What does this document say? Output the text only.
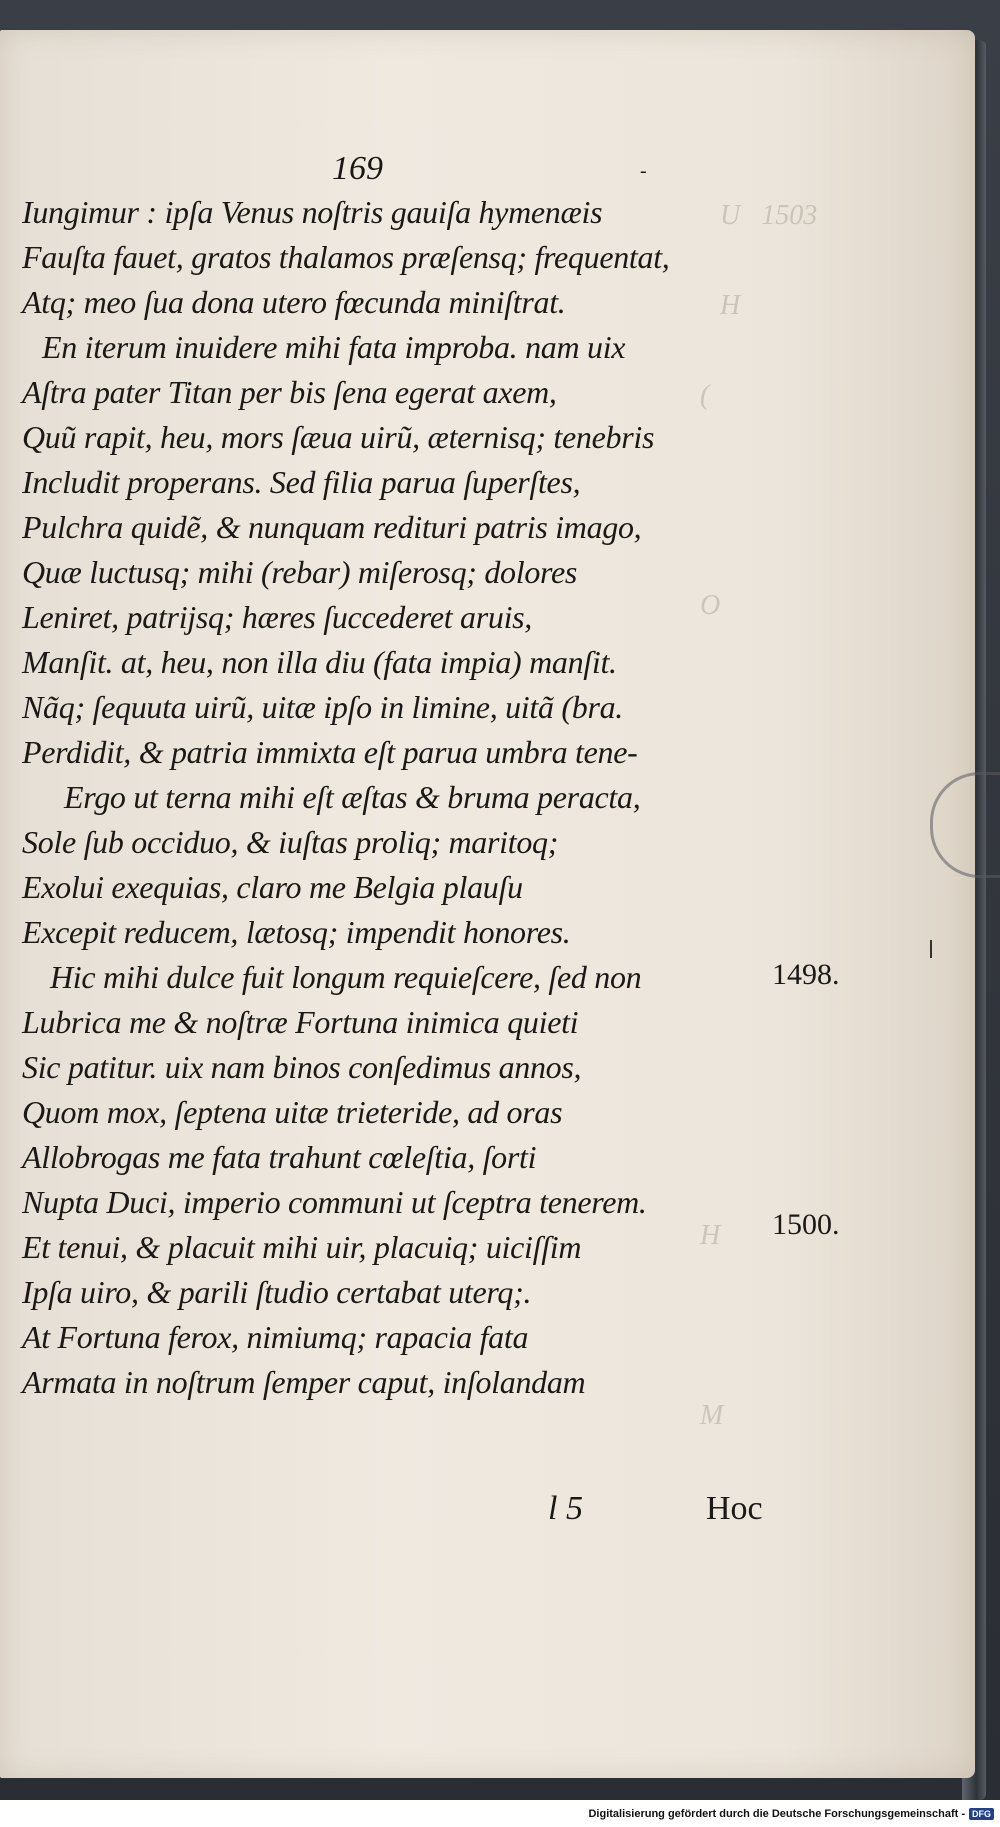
U   1503
H
(
O
H
M
169	-
Iungimur : ipſa Venus noſtris gauiſa hymenæis
Fauſta fauet, gratos thalamos præſensq; frequentat,
Atq; meo ſua dona utero fœcunda miniſtrat.
En iterum inuidere mihi fata improba. nam uix
Aſtra pater Titan per bis ſena egerat axem,
Quũ rapit, heu, mors ſæua uirũ, æternisq; tenebris
Includit properans. Sed filia parua ſuperſtes,
Pulchra quidẽ, & nunquam redituri patris imago,
Quæ luctusq; mihi (rebar) miſerosq; dolores
Leniret, patrijsq; hæres ſuccederet aruis,
Manſit. at, heu, non illa diu (fata impia) manſit.
Nãq; ſequuta uirũ, uitæ ipſo in limine, uitã (bra.
Perdidit, & patria immixta eſt parua umbra tene-
Ergo ut terna mihi eſt æſtas & bruma peracta,
Sole ſub occiduo, & iuſtas proliq; maritoq;
Exolui exequias, claro me Belgia plauſu
Excepit reducem, lætosq; impendit honores.
Hic mihi dulce fuit longum requieſcere, ſed non
Lubrica me & noſtræ Fortuna inimica quieti
Sic patitur. uix nam binos conſedimus annos,
Quom mox, ſeptena uitæ trieteride, ad oras
Allobrogas me fata trahunt cœleſtia, ſorti
Nupta Duci, imperio communi ut ſceptra tenerem.
Et tenui, & placuit mihi uir, placuiq; uiciſſim
Ipſa uiro, & parili ſtudio certabat uterq;.
At Fortuna ferox, nimiumq; rapacia fata
Armata in noſtrum ſemper caput, inſolandam
1498.
1500.
l 5	Hoc
Digitalisierung gefördert durch die Deutsche Forschungsgemeinschaft - DFG
